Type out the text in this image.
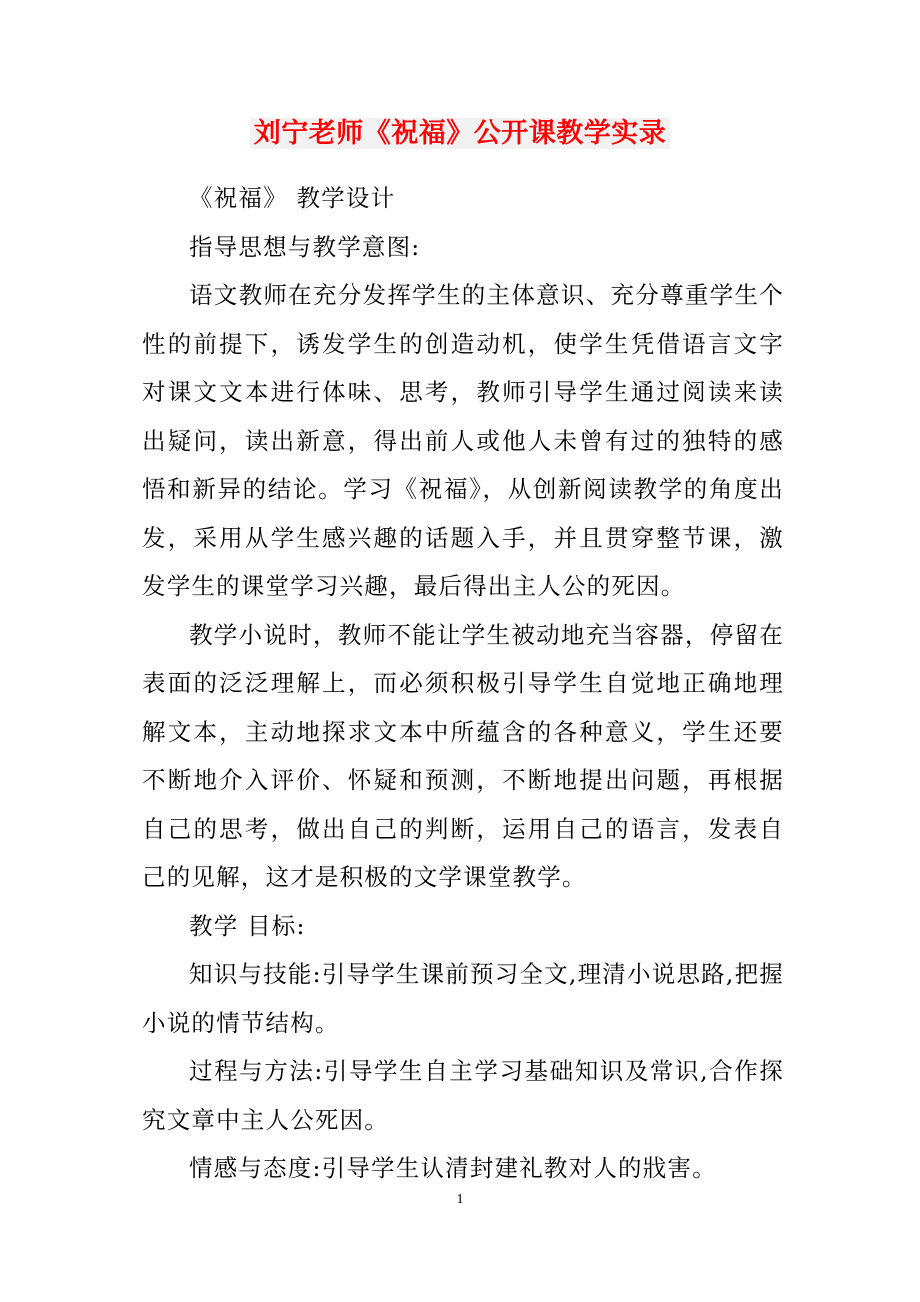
刘宁老师《祝福》公开课教学实录

《祝福》 教学设计

指导思想与教学意图:

语文教师在充分发挥学生的主体意识、充分尊重学生个性的前提下，诱发学生的创造动机，使学生凭借语言文字对课文文本进行体味、思考，教师引导学生通过阅读来读出疑问，读出新意，得出前人或他人未曾有过的独特的感悟和新异的结论。学习《祝福》，从创新阅读教学的角度出发，采用从学生感兴趣的话题入手，并且贯穿整节课，激发学生的课堂学习兴趣，最后得出主人公的死因。

教学小说时，教师不能让学生被动地充当容器，停留在表面的泛泛理解上，而必须积极引导学生自觉地正确地理解文本，主动地探求文本中所蕴含的各种意义，学生还要不断地介入评价、怀疑和预测，不断地提出问题，再根据自己的思考，做出自己的判断，运用自己的语言，发表自己的见解，这才是积极的文学课堂教学。

教学 目标:

知识与技能:引导学生课前预习全文,理清小说思路,把握小说的情节结构。

过程与方法:引导学生自主学习基础知识及常识,合作探究文章中主人公死因。

情感与态度:引导学生认清封建礼教对人的戕害。

1
